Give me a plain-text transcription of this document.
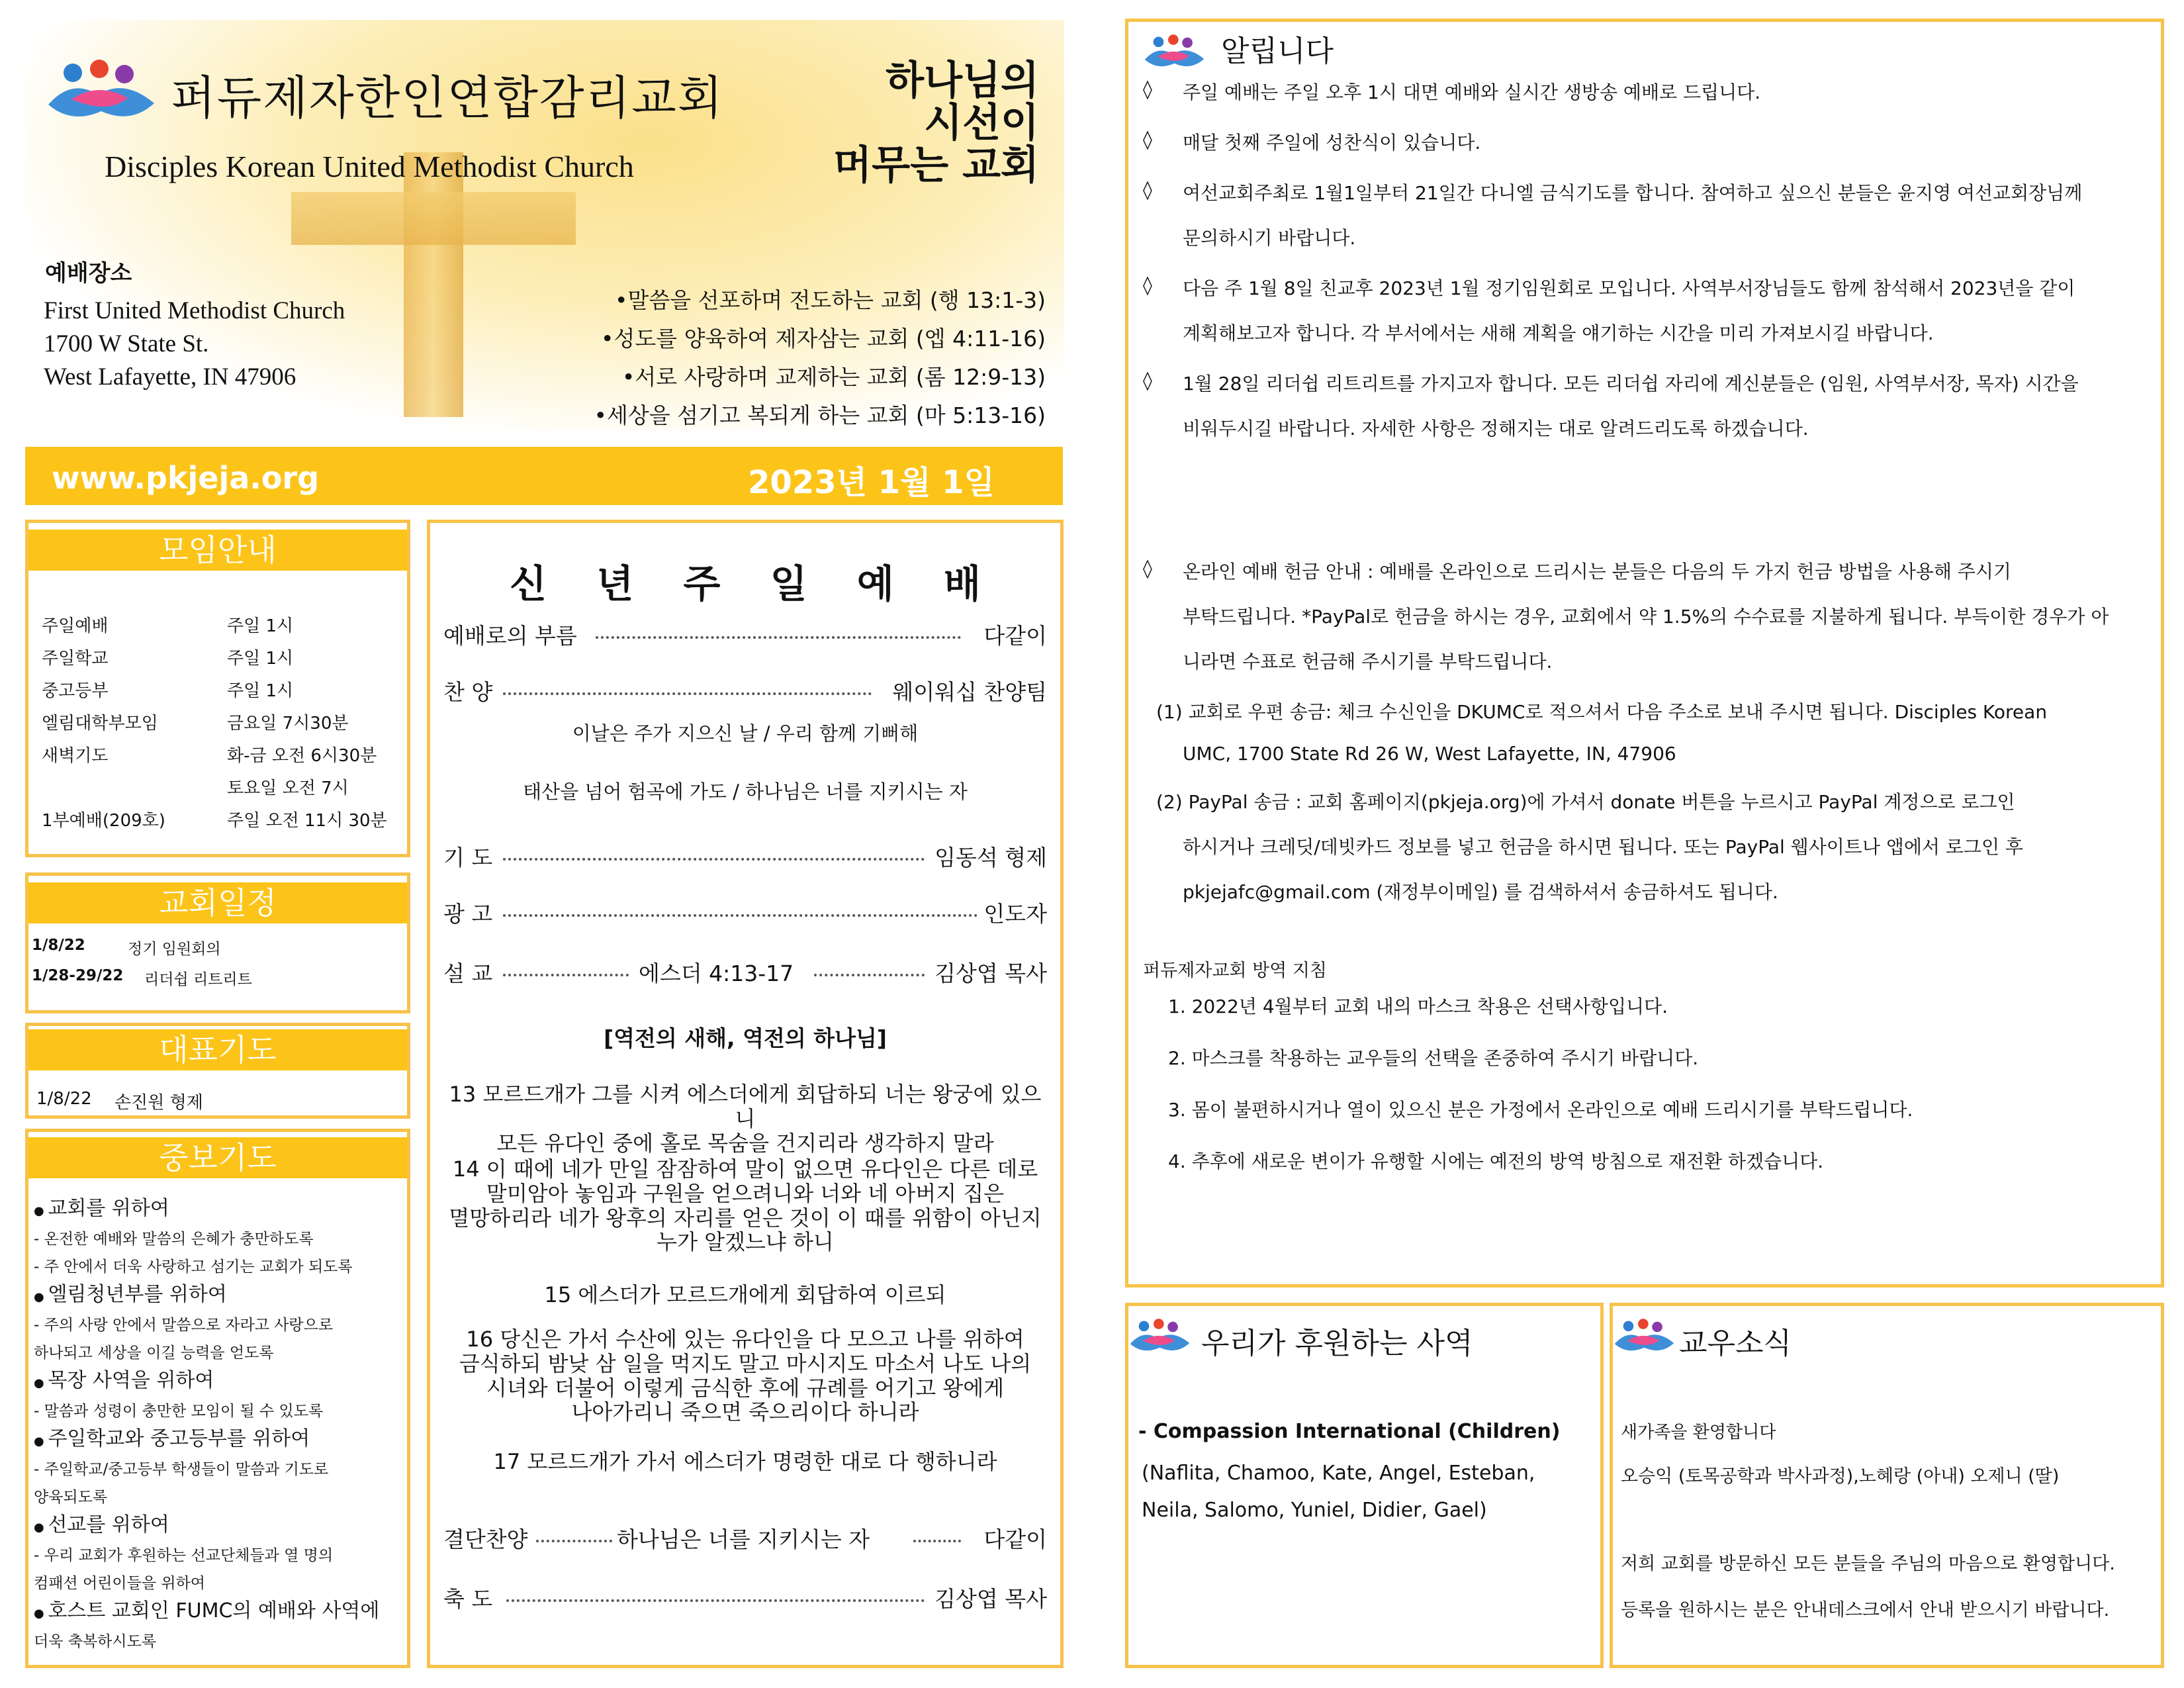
퍼듀제자한인연합감리교회
Disciples Korean United Methodist Church
하나님의
시선이
머무는 교회
예배장소
First United Methodist Church
1700 W State St.
West Lafayette, IN 47906
•말씀을 선포하며 전도하는 교회 (행 13:1-3)
•성도를 양육하여 제자삼는 교회 (엡 4:11-16)
•서로 사랑하며 교제하는 교회 (롬 12:9-13)
•세상을 섬기고 복되게 하는 교회 (마 5:13-16)
www.pkjeja.org	2023년 1월 1일
모임안내
주일예배	주일 1시
주일학교	주일 1시
중고등부	주일 1시
엘림대학부모임	금요일 7시30분
새벽기도	화-금 오전 6시30분
토요일 오전 7시
1부예배(209호)	주일 오전 11시 30분
교회일정
1/8/22	정기 임원회의
1/28-29/22 리더쉽 리트리트
대표기도
1/8/22 손진원 형제
중보기도
● 교회를 위하여
- 온전한 예배와 말씀의 은혜가 충만하도록
- 주 안에서 더욱 사랑하고 섬기는 교회가 되도록
● 엘림청년부를 위하여
- 주의 사랑 안에서 말씀으로 자라고 사랑으로
하나되고 세상을 이길 능력을 얻도록
● 목장 사역을 위하여
- 말씀과 성령이 충만한 모임이 될 수 있도록
● 주일학교와 중고등부를 위하여
- 주일학교/중고등부 학생들이 말씀과 기도로
양육되도록
● 선교를 위하여
- 우리 교회가 후원하는 선교단체들과 열 명의
컴패션 어린이들을 위하여
● 호스트 교회인 FUMC의 예배와 사역에
더욱 축복하시도록
신 년 주 일 예 배
예배로의 부름	다같이
찬 양	웨이워십 찬양팀
이날은 주가 지으신 날 / 우리 함께 기뻐해
태산을 넘어 험곡에 가도 / 하나님은 너를 지키시는 자
기 도	임동석 형제
광 고	인도자
설 교	에스더 4:13-17	김상엽 목사
[역전의 새해, 역전의 하나님]
13 모르드개가 그를 시켜 에스더에게 회답하되 너는 왕궁에 있으니
모든 유다인 중에 홀로 목숨을 건지리라 생각하지 말라
14 이 때에 네가 만일 잠잠하여 말이 없으면 유다인은 다른 데로
말미암아 놓임과 구원을 얻으려니와 너와 네 아버지 집은
멸망하리라 네가 왕후의 자리를 얻은 것이 이 때를 위함이 아닌지
누가 알겠느냐 하니
15 에스더가 모르드개에게 회답하여 이르되
16 당신은 가서 수산에 있는 유다인을 다 모으고 나를 위하여
금식하되 밤낮 삼 일을 먹지도 말고 마시지도 마소서 나도 나의
시녀와 더불어 이렇게 금식한 후에 규례를 어기고 왕에게
나아가리니 죽으면 죽으리이다 하니라
17 모르드개가 가서 에스더가 명령한 대로 다 행하니라
결단찬양	하나님은 너를 지키시는 자	다같이
축 도	김상엽 목사
알립니다
◊ 주일 예배는 주일 오후 1시 대면 예배와 실시간 생방송 예배로 드립니다.
◊ 매달 첫째 주일에 성찬식이 있습니다.
◊ 여선교회주최로 1월1일부터 21일간 다니엘 금식기도를 합니다. 참여하고 싶으신 분들은 윤지영 여선교회장님께
문의하시기 바랍니다.
◊ 다음 주 1월 8일 친교후 2023년 1월 정기임원회로 모입니다. 사역부서장님들도 함께 참석해서 2023년을 같이
계획해보고자 합니다. 각 부서에서는 새해 계획을 얘기하는 시간을 미리 가져보시길 바랍니다.
◊ 1월 28일 리더쉽 리트리트를 가지고자 합니다. 모든 리더쉽 자리에 계신분들은 (임원, 사역부서장, 목자) 시간을
비워두시길 바랍니다. 자세한 사항은 정해지는 대로 알려드리도록 하겠습니다.
◊ 온라인 예배 헌금 안내 : 예배를 온라인으로 드리시는 분들은 다음의 두 가지 헌금 방법을 사용해 주시기
부탁드립니다. *PayPal로 헌금을 하시는 경우, 교회에서 약 1.5%의 수수료를 지불하게 됩니다. 부득이한 경우가 아
니라면 수표로 헌금해 주시기를 부탁드립니다.
(1) 교회로 우편 송금: 체크 수신인을 DKUMC로 적으셔서 다음 주소로 보내 주시면 됩니다. Disciples Korean
UMC, 1700 State Rd 26 W, West Lafayette, IN, 47906
(2) PayPal 송금 : 교회 홈페이지(pkjeja.org)에 가셔서 donate 버튼을 누르시고 PayPal 계정으로 로그인
하시거나 크레딧/데빗카드 정보를 넣고 헌금을 하시면 됩니다. 또는 PayPal 웹사이트나 앱에서 로그인 후
pkjejafc@gmail.com (재정부이메일) 를 검색하셔서 송금하셔도 됩니다.
퍼듀제자교회 방역 지침
1. 2022년 4월부터 교회 내의 마스크 착용은 선택사항입니다.
2. 마스크를 착용하는 교우들의 선택을 존중하여 주시기 바랍니다.
3. 몸이 불편하시거나 열이 있으신 분은 가정에서 온라인으로 예배 드리시기를 부탁드립니다.
4. 추후에 새로운 변이가 유행할 시에는 예전의 방역 방침으로 재전환 하겠습니다.
우리가 후원하는 사역
- Compassion International (Children)
(Naflita, Chamoo, Kate, Angel, Esteban,
Neila, Salomo, Yuniel, Didier, Gael)
교우소식
새가족을 환영합니다
오승익 (토목공학과 박사과정),노혜랑 (아내) 오제니 (딸)
저희 교회를 방문하신 모든 분들을 주님의 마음으로 환영합니다.
등록을 원하시는 분은 안내데스크에서 안내 받으시기 바랍니다.
